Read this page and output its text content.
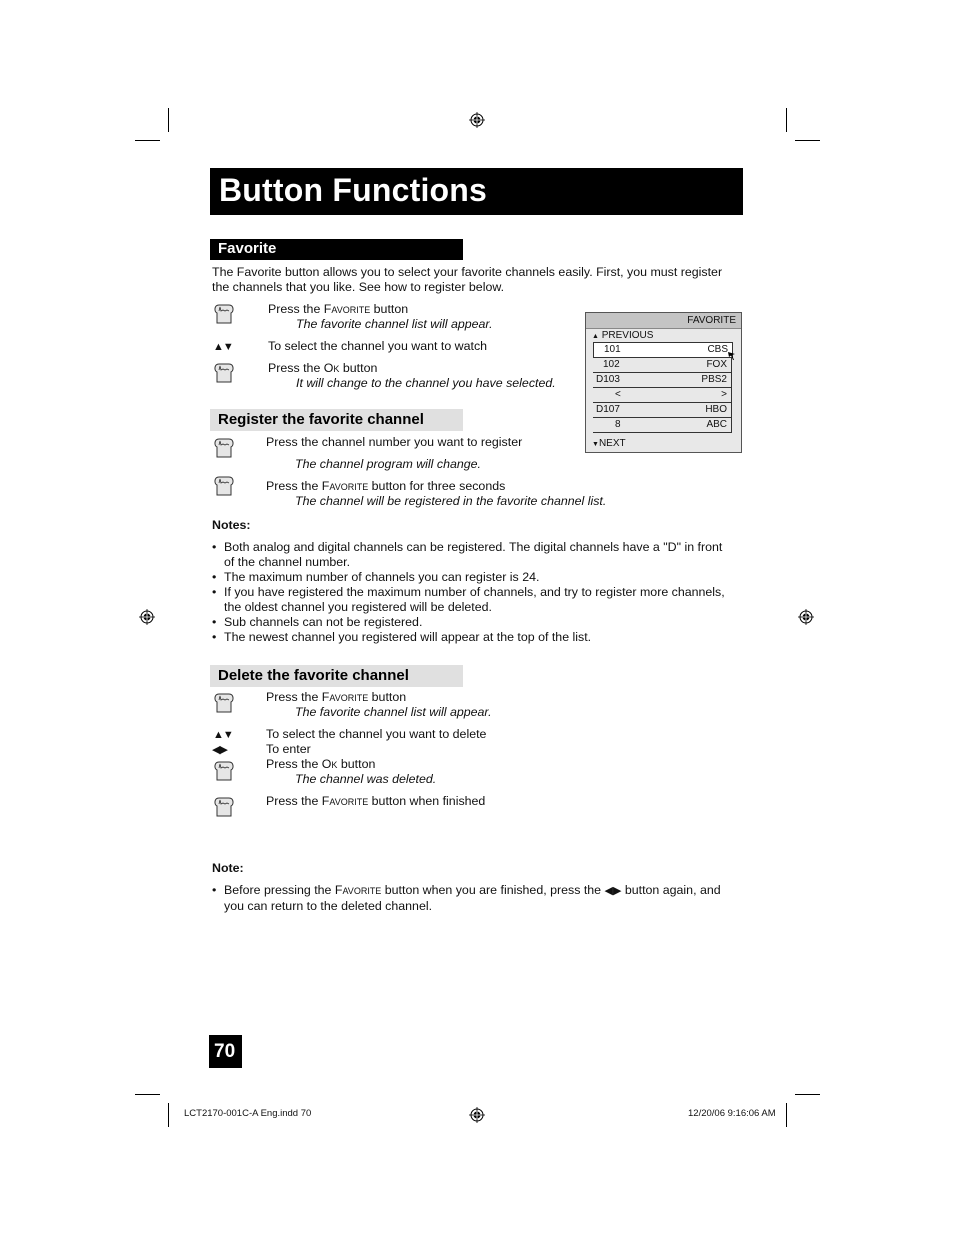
Button Functions
Favorite
The Favorite button allows you to select your favorite channels easily. First, you must register
the channels that you like. See how to register below.
Press the Favorite button
The favorite channel list will appear.
▲▼	To select the channel you want to watch
Press the Ok button
It will change to the channel you have selected.
FAVORITE
▲ PREVIOUS
101	CBS
102	FOX
D103	PBS2
<	>
D107	HBO
8	ABC
▼NEXT
Register the favorite channel
Press the channel number you want to register
The channel program will change.
Press the Favorite button for three seconds
The channel will be registered in the favorite channel list.
Notes:
• Both analog and digital channels can be registered. The digital channels have a "D" in front
of the channel number.
• The maximum number of channels you can register is 24.
• If you have registered the maximum number of channels, and try to register more channels,
the oldest channel you registered will be deleted.
• Sub channels can not be registered.
• The newest channel you registered will appear at the top of the list.
Delete the favorite channel
Press the Favorite button
The favorite channel list will appear.
▲▼	To select the channel you want to delete
◀▶	To enter
Press the Ok button
The channel was deleted.
Press the Favorite button when finished
Note:
• Before pressing the Favorite button when you are finished, press the ◀▶ button again, and
you can return to the deleted channel.
70
LCT2170-001C-A Eng.indd 70	12/20/06 9:16:06 AM
